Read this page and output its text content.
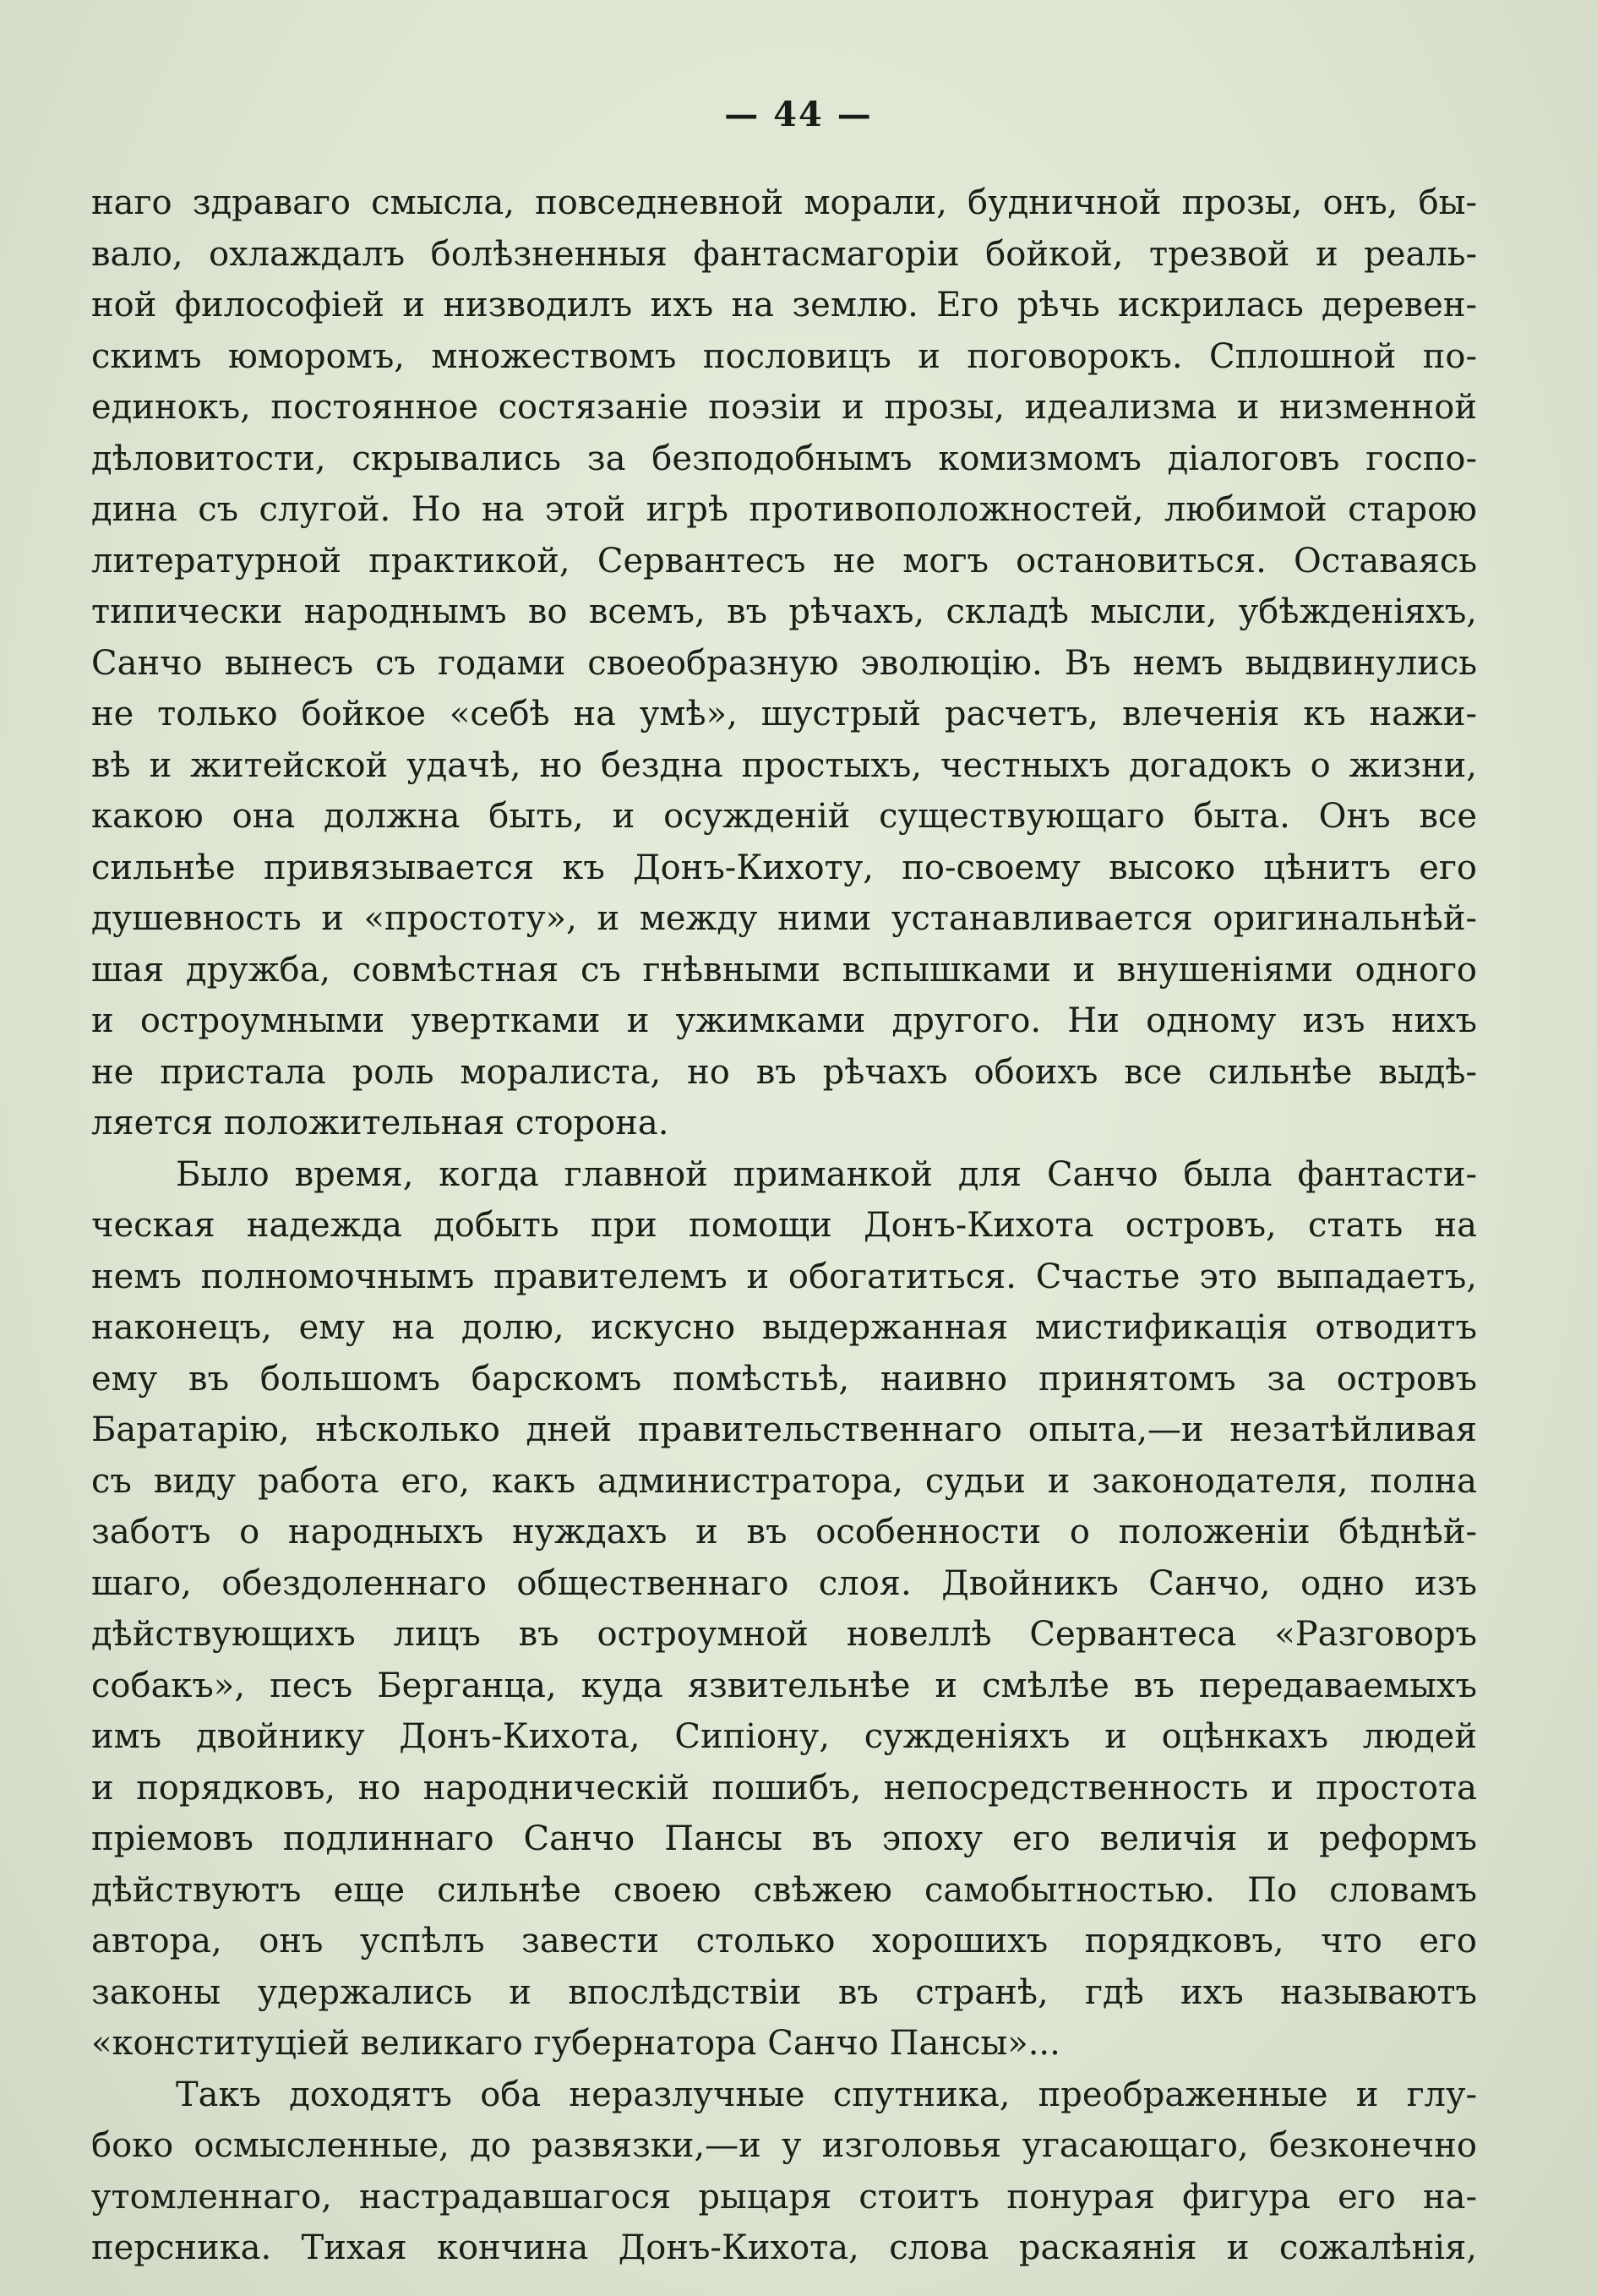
— 44 —
наго здраваго смысла, повседневной морали, будничной прозы, онъ, бы-
вало, охлаждалъ болѣзненныя фантасмагоріи бойкой, трезвой и реаль-
ной философіей и низводилъ ихъ на землю. Его рѣчь искрилась деревен-
скимъ юморомъ, множествомъ пословицъ и поговорокъ. Сплошной по-
единокъ, постоянное состязаніе поэзіи и прозы, идеализма и низменной
дѣловитости, скрывались за безподобнымъ комизмомъ діалоговъ госпо-
дина съ слугой. Но на этой игрѣ противоположностей, любимой старою
литературной практикой, Сервантесъ не могъ остановиться. Оставаясь
типически народнымъ во всемъ, въ рѣчахъ, складѣ мысли, убѣжденіяхъ,
Санчо вынесъ съ годами своеобразную эволюцію. Въ немъ выдвинулись
не только бойкое «себѣ на умѣ», шустрый расчетъ, влеченія къ нажи-
вѣ и житейской удачѣ, но бездна простыхъ, честныхъ догадокъ о жизни,
какою она должна быть, и осужденій существующаго быта. Онъ все
сильнѣе привязывается къ Донъ-Кихоту, по-своему высоко цѣнитъ его
душевность и «простоту», и между ними устанавливается оригинальнѣй-
шая дружба, совмѣстная съ гнѣвными вспышками и внушеніями одного
и остроумными увертками и ужимками другого. Ни одному изъ нихъ
не пристала роль моралиста, но въ рѣчахъ обоихъ все сильнѣе выдѣ-
ляется положительная сторона.
Было время, когда главной приманкой для Санчо была фантасти-
ческая надежда добыть при помощи Донъ-Кихота островъ, стать на
немъ полномочнымъ правителемъ и обогатиться. Счастье это выпадаетъ,
наконецъ, ему на долю, искусно выдержанная мистификація отводитъ
ему въ большомъ барскомъ помѣстьѣ, наивно принятомъ за островъ
Баратарію, нѣсколько дней правительственнаго опыта,—и незатѣйливая
съ виду работа его, какъ администратора, судьи и законодателя, полна
заботъ о народныхъ нуждахъ и въ особенности о положеніи бѣднѣй-
шаго, обездоленнаго общественнаго слоя. Двойникъ Санчо, одно изъ
дѣйствующихъ лицъ въ остроумной новеллѣ Сервантеса «Разговоръ
собакъ», песъ Берганца, куда язвительнѣе и смѣлѣе въ передаваемыхъ
имъ двойнику Донъ-Кихота, Сипіону, сужденіяхъ и оцѣнкахъ людей
и порядковъ, но народническій пошибъ, непосредственность и простота
пріемовъ подлиннаго Санчо Пансы въ эпоху его величія и реформъ
дѣйствуютъ еще сильнѣе своею свѣжею самобытностью. По словамъ
автора, онъ успѣлъ завести столько хорошихъ порядковъ, что его
законы удержались и впослѣдствіи въ странѣ, гдѣ ихъ называютъ
«конституціей великаго губернатора Санчо Пансы»...
Такъ доходятъ оба неразлучные спутника, преображенные и глу-
боко осмысленные, до развязки,—и у изголовья угасающаго, безконечно
утомленнаго, настрадавшагося рыцаря стоитъ понурая фигура его на-
персника. Тихая кончина Донъ-Кихота, слова раскаянія и сожалѣнія,
